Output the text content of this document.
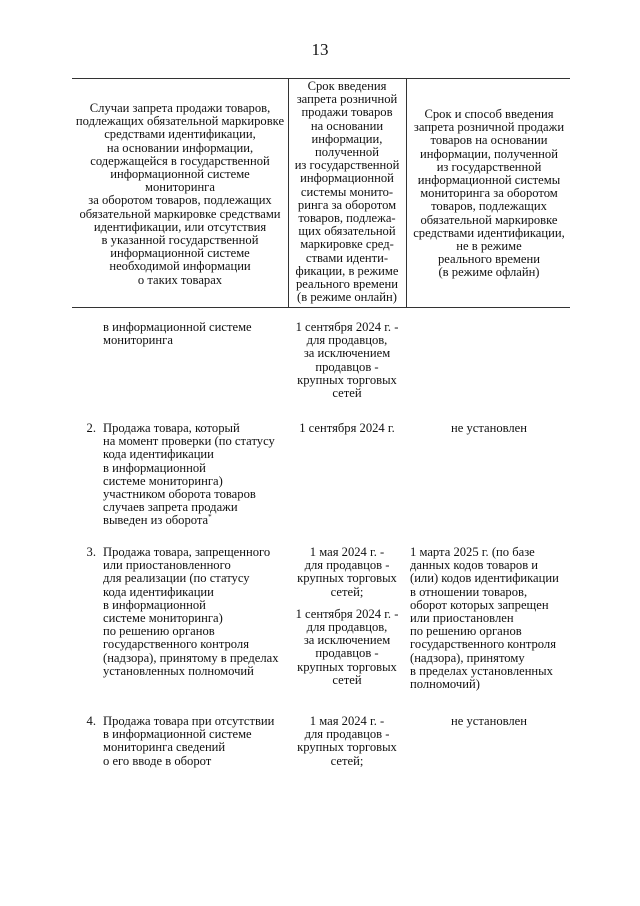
13
Случаи запрета продажи товаров,
подлежащих обязательной маркировке
средствами идентификации,
на основании информации,
содержащейся в государственной
информационной системе мониторинга
за оборотом товаров, подлежащих
обязательной маркировке средствами
идентификации, или отсутствия
в указанной государственной
информационной системе
необходимой информации
о таких товарах
Срок введения
запрета розничной
продажи товаров
на основании
информации,
полученной
из государственной
информационной
системы монито-
ринга за оборотом
товаров, подлежа-
щих обязательной
маркировке сред-
ствами иденти-
фикации, в режиме
реального времени
(в режиме онлайн)
Срок и способ введения
запрета розничной продажи
товаров на основании
информации, полученной
из государственной
информационной системы
мониторинга за оборотом
товаров, подлежащих
обязательной маркировке
средствами идентификации,
не в режиме
реального времени
(в режиме офлайн)
в информационной системе
мониторинга
1 сентября 2024 г. -
для продавцов,
за исключением
продавцов -
крупных торговых
сетей
2. Продажа товара, который
на момент проверки (по статусу
кода идентификации
в информационной
системе мониторинга)
участником оборота товаров
случаев запрета продажи
выведен из оборота*
1 сентября 2024 г.	не установлен
3. Продажа товара, запрещенного
или приостановленного
для реализации (по статусу
кода идентификации
в информационной
системе мониторинга)
по решению органов
государственного контроля
(надзора), принятому в пределах
установленных полномочий
1 мая 2024 г. -
для продавцов -
крупных торговых
сетей;
1 сентября 2024 г. -
для продавцов,
за исключением
продавцов -
крупных торговых
сетей
1 марта 2025 г. (по базе
данных кодов товаров и
(или) кодов идентификации
в отношении товаров,
оборот которых запрещен
или приостановлен
по решению органов
государственного контроля
(надзора), принятому
в пределах установленных
полномочий)
4. Продажа товара при отсутствии
в информационной системе
мониторинга сведений
о его вводе в оборот
1 мая 2024 г. -
для продавцов -
крупных торговых
сетей;
не установлен
